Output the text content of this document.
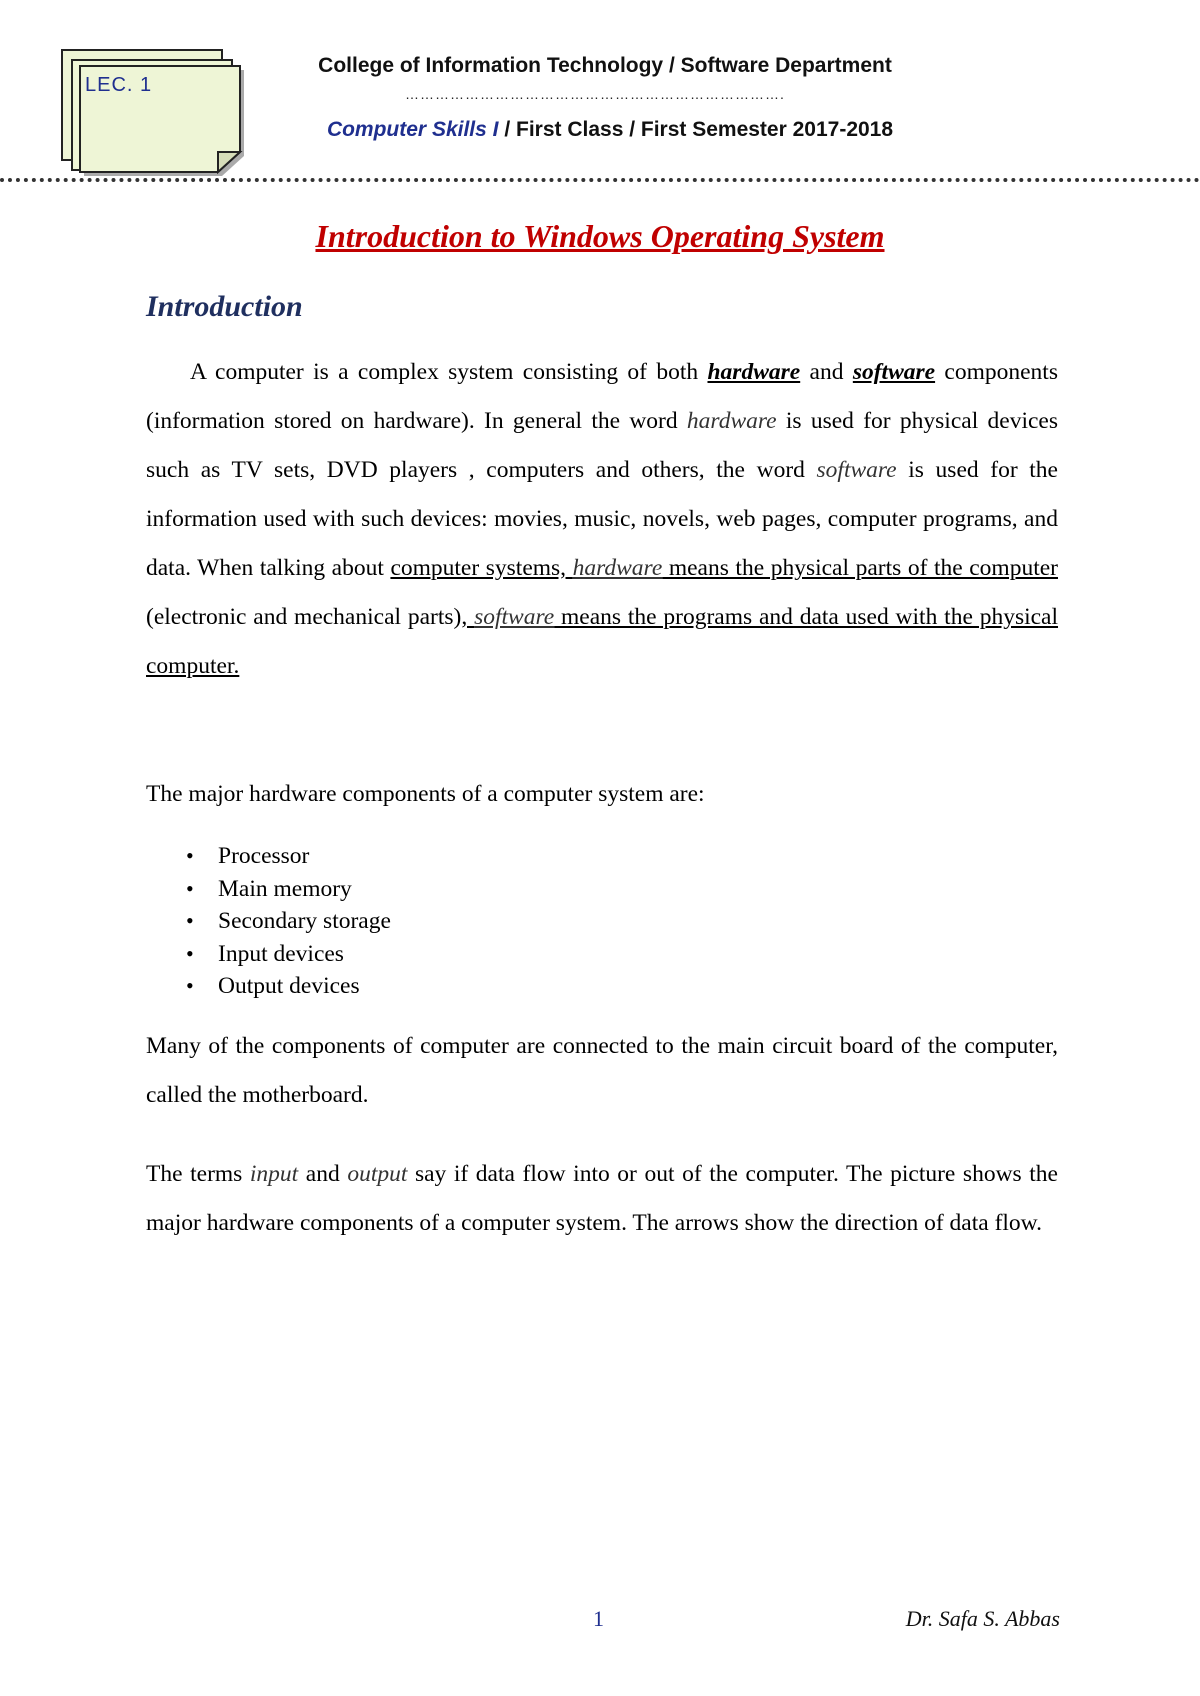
LEC. 1
College of Information Technology / Software Department
………………………………………………………………….
Computer Skills I / First Class / First Semester 2017-2018
Introduction to Windows Operating System
Introduction
A computer is a complex system consisting of both hardware and software components (information stored on hardware). In general the word hardware is used for physical devices such as TV sets, DVD players , computers and others, the word software is used for the information used with such devices: movies, music, novels, web pages, computer programs, and data. When talking about computer systems, hardware means the physical parts of the computer (electronic and mechanical parts), software means the programs and data used with the physical computer.
The major hardware components of a computer system are:
• Processor
• Main memory
• Secondary storage
• Input devices
• Output devices
Many of the components of computer are connected to the main circuit board of the computer, called the motherboard.
The terms input and output say if data flow into or out of the computer. The picture shows the major hardware components of a computer system. The arrows show the direction of data flow.
1	Dr. Safa S. Abbas
